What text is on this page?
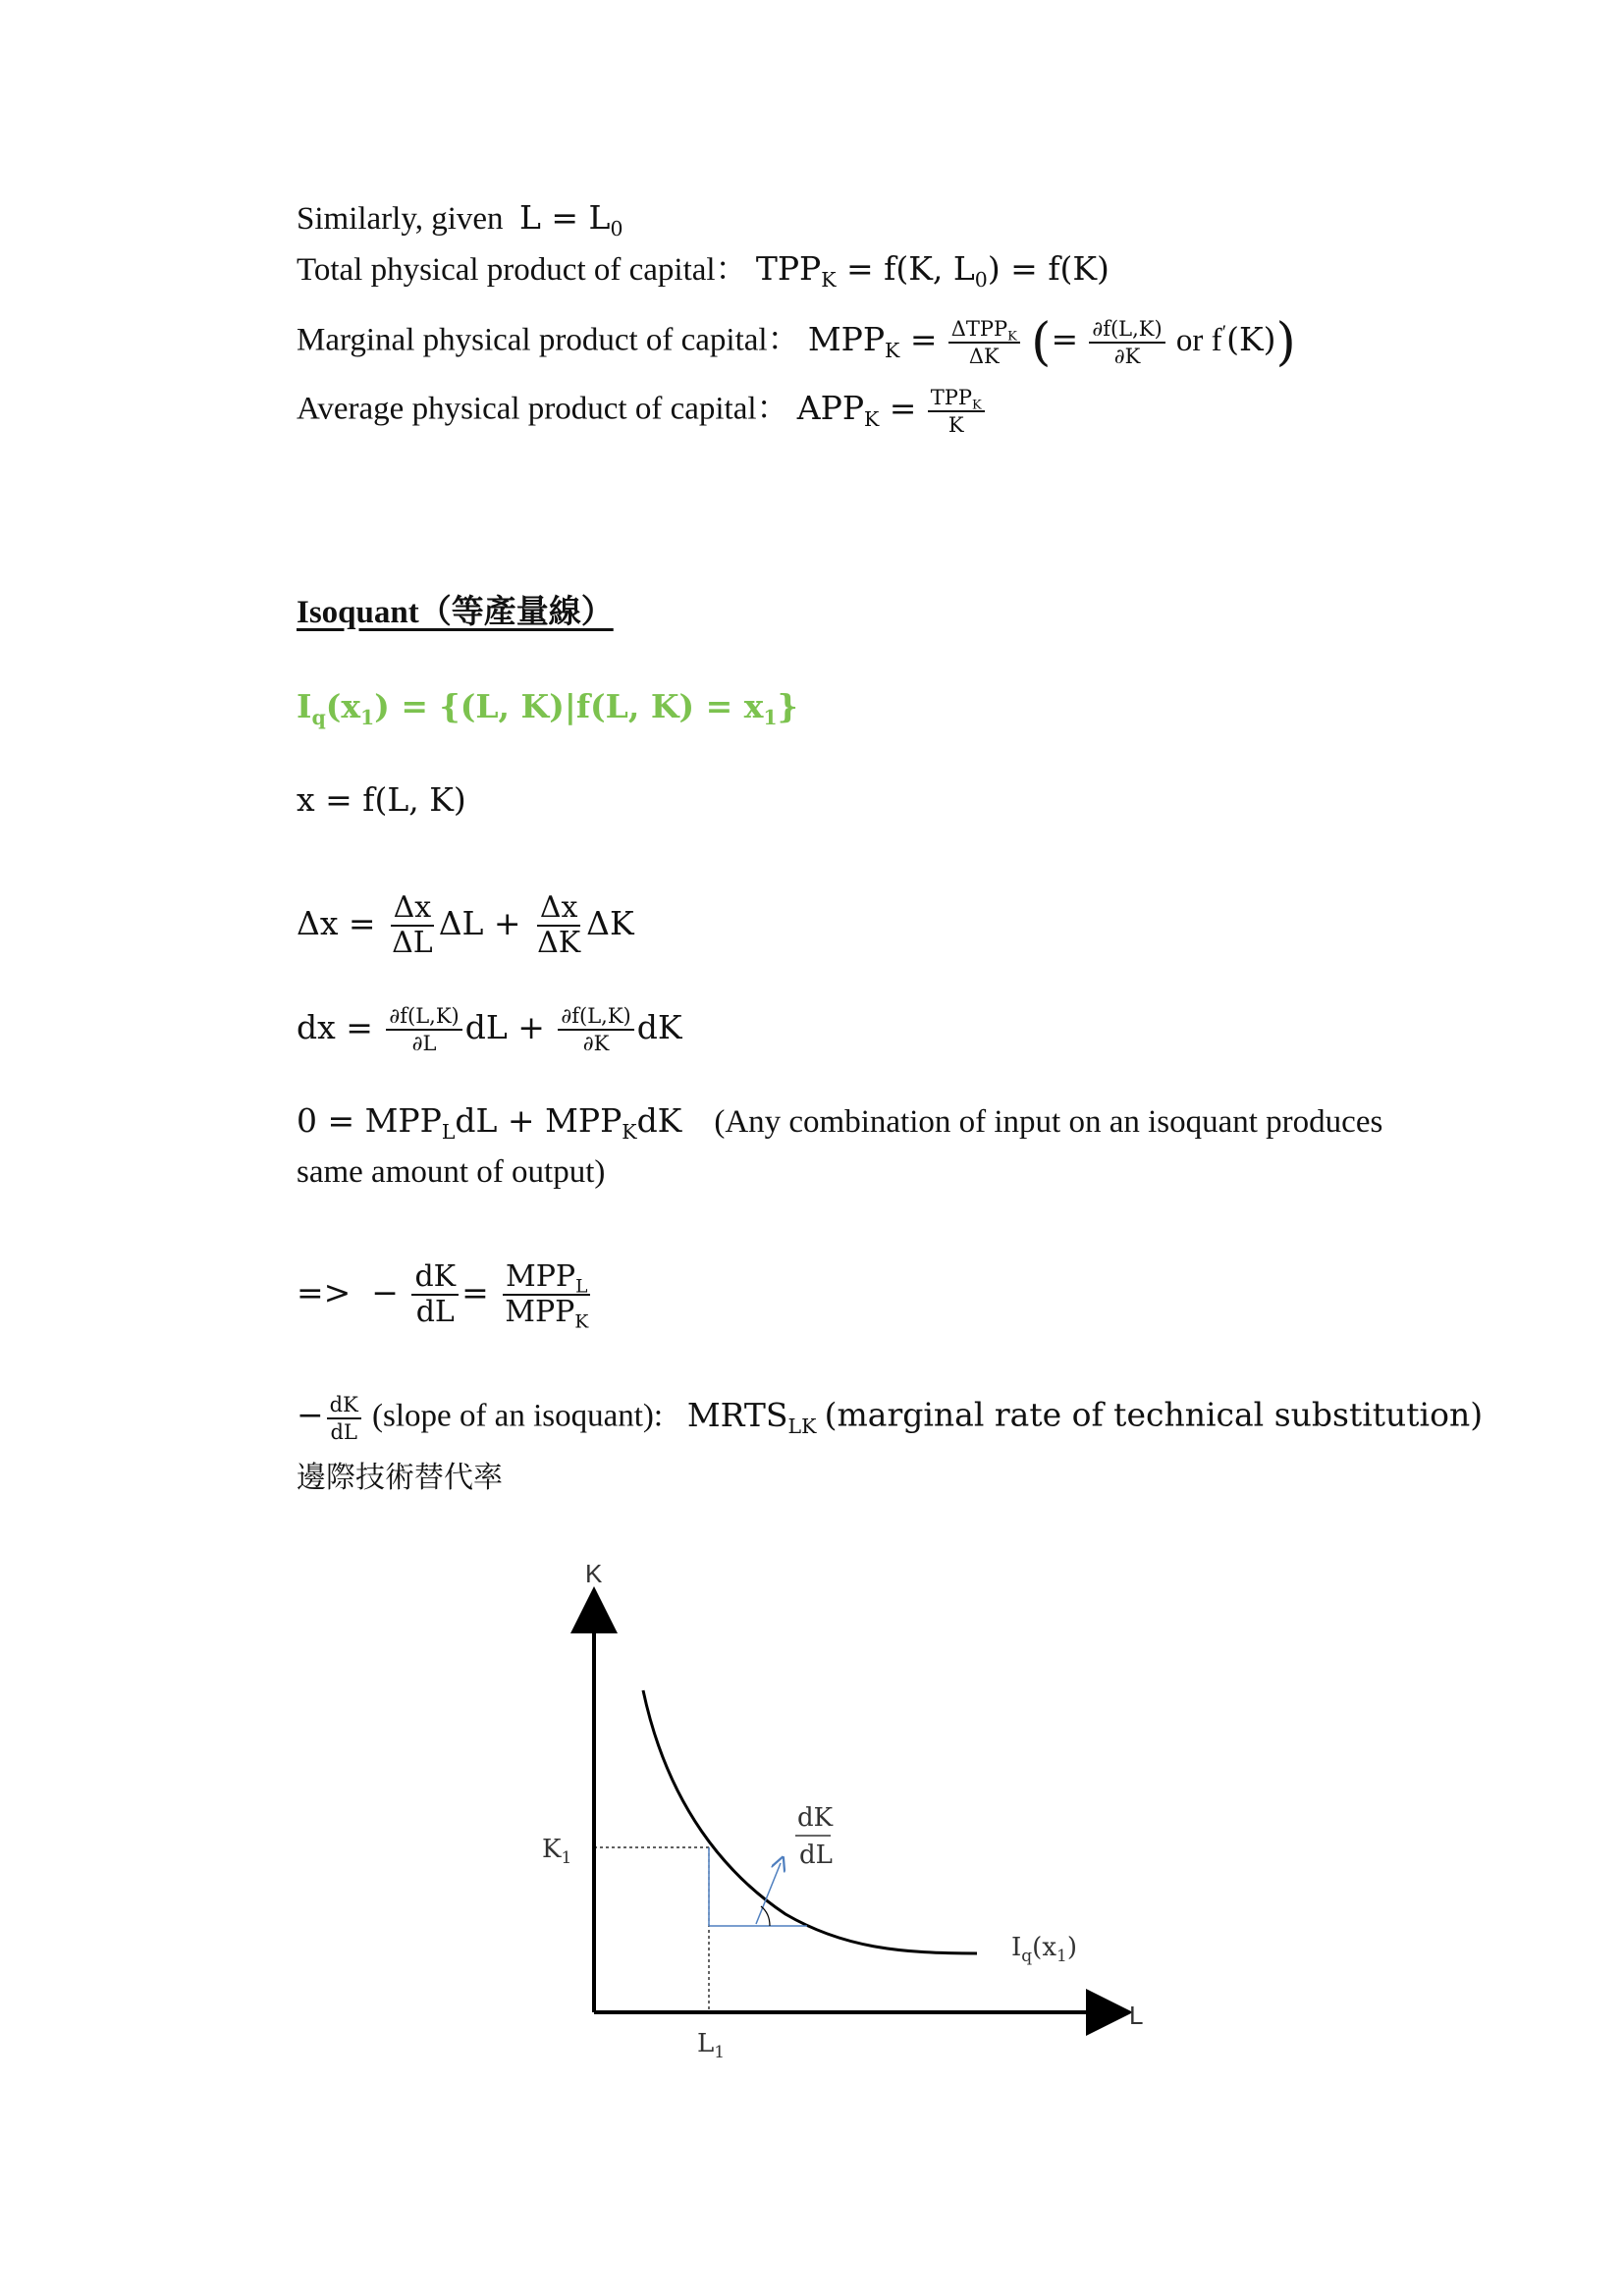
Similarly, given $L = L_0$
Total physical product of capital： $TPP_K = f(K$, $L_0) = f(K)$
Marginal physical product of capital： $MPP_K = \frac{\Delta TPP_K}{\Delta K}$ (= $\frac{\partial f(L,K)}{\partial K}$ or f′(K))
Average physical product of capital： $APP_K = \frac{TPP_K}{K}$
Isoquant（等產量線）
$I_q(x_1) = \{(L$, K)|f(L, $K) = x_1$}
x = f(L, K)
$\Delta x = \frac{\Delta x}{\Delta L}$ $\Delta L + \frac{\Delta x}{\Delta K}$ ΔK
dx = $\frac{\partial f(L,K)}{\partial L}$ dL + $\frac{\partial f(L,K)}{\partial K}$ dK
$0 = MPP_LdL + MPP_KdK$ (Any combination of input on an isoquant produces
same amount of output)
=> − $\frac{dK}{dL} = \frac{MPP_L}{MPP_K}$
− $\frac{dK}{dL}$ (slope of an isoquant): $MRTS_{LK}$ (marginal rate of technical substitution)
邊際技術替代率
K
L
$K_1$
$L_1$
dK
dL
$I_q(x_1)$
